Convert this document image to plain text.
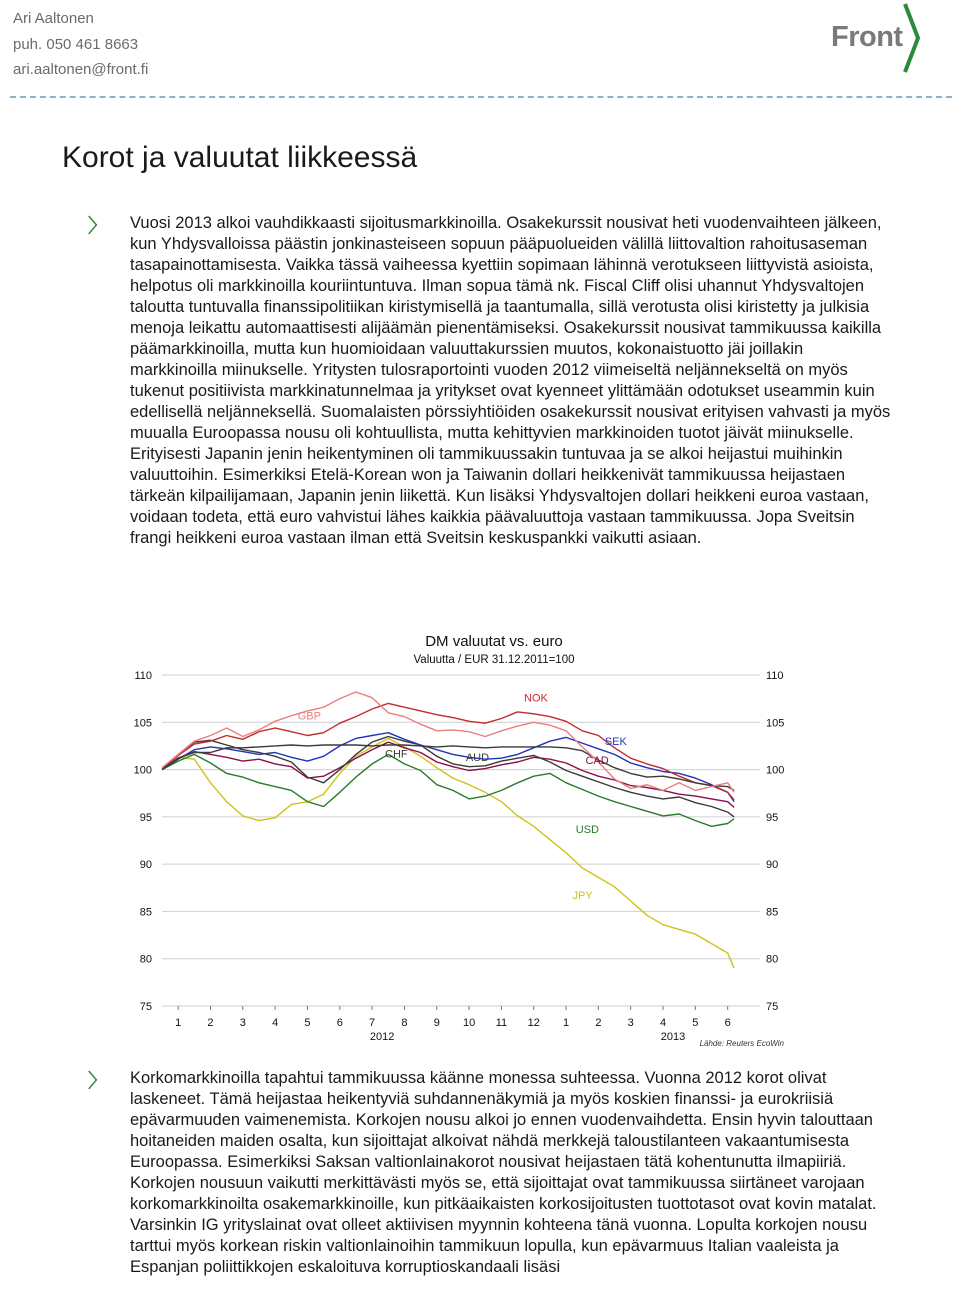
Ari Aaltonen
puh. 050 461 8663
ari.aaltonen@front.fi
Front
Korot ja valuutat liikkeessä
〉 Vuosi 2013 alkoi vauhdikkaasti sijoitusmarkkinoilla. Osakekurssit nousivat heti vuodenvaihteen jälkeen, kun Yhdysvalloissa päästin jonkinasteiseen sopuun pääpuolueiden välillä liittovaltion rahoitusaseman tasapainottamisesta. Vaikka tässä vaiheessa kyettiin sopimaan lähinnä verotukseen liittyvistä asioista, helpotus oli markkinoilla kouriintuntuva. Ilman sopua tämä nk. Fiscal Cliff olisi uhannut Yhdysvaltojen taloutta tuntuvalla finanssipolitiikan kiristymisellä ja taantumalla, sillä verotusta olisi kiristetty ja julkisia menoja leikattu automaattisesti alijäämän pienentämiseksi. Osakekurssit nousivat tammikuussa kaikilla päämarkkinoilla, mutta kun huomioidaan valuuttakurssien muutos, kokonaistuotto jäi joillakin markkinoilla miinukselle. Yritysten tulosraportointi vuoden 2012 viimeiseltä neljännekseltä on myös tukenut positiivista markkinatunnelmaa ja yritykset ovat kyenneet ylittämään odotukset useammin kuin edellisellä neljänneksellä. Suomalaisten pörssiyhtiöiden osakekurssit nousivat erityisen vahvasti ja myös muualla Euroopassa nousu oli kohtuullista, mutta kehittyvien markkinoiden tuotot jäivät miinukselle. Erityisesti Japanin jenin heikentyminen oli tammikuussakin tuntuvaa ja se alkoi heijastui muihinkin valuuttoihin. Esimerkiksi Etelä-Korean won ja Taiwanin dollari heikkenivät tammikuussa heijastaen tärkeän kilpailijamaan, Japanin jenin liikettä. Kun lisäksi Yhdysvaltojen dollari heikkeni euroa vastaan, voidaan todeta, että euro vahvistui lähes kaikkia päävaluuttoja vastaan tammikuussa. Jopa Sveitsin frangi heikkeni euroa vastaan ilman että Sveitsin keskuspankki vaikutti asiaan.

DM valuutat vs. euro
Valuutta / EUR 31.12.2011=100
Lähde: Reuters EcoWin
75	75
80	80
85	85
90	90
95	95
100	100
105	105
110	110
1 2 3 4 5 6 7 8 9 10 11 12 1 2 3 4 5 6
2012	2013
GBP
CHF
NOK
SEK
AUD	CAD
USD
JPY
〉 Korkomarkkinoilla tapahtui tammikuussa käänne monessa suhteessa. Vuonna 2012 korot olivat laskeneet. Tämä heijastaa heikentyviä suhdannenäkymiä ja myös koskien finanssi- ja eurokriisiä epävarmuuden vaimenemista. Korkojen nousu alkoi jo ennen vuodenvaihdetta. Ensin hyvin talouttaan hoitaneiden maiden osalta, kun sijoittajat alkoivat nähdä merkkejä taloustilanteen vakaantumisesta Euroopassa. Esimerkiksi Saksan valtionlainakorot nousivat heijastaen tätä kohentunutta ilmapiiriä. Korkojen nousuun vaikutti merkittävästi myös se, että sijoittajat ovat tammikuussa siirtäneet varojaan korkomarkkinoilta osakemarkkinoille, kun pitkäaikaisten korkosijoitusten tuottotasot ovat kovin matalat. Varsinkin IG yrityslainat ovat olleet aktiivisen myynnin kohteena tänä vuonna. Lopulta korkojen nousu tarttui myös korkean riskin valtionlainoihin tammikuun lopulla, kun epävarmuus Italian vaaleista ja Espanjan poliittikkojen eskaloituva korruptioskandaali lisäsi
